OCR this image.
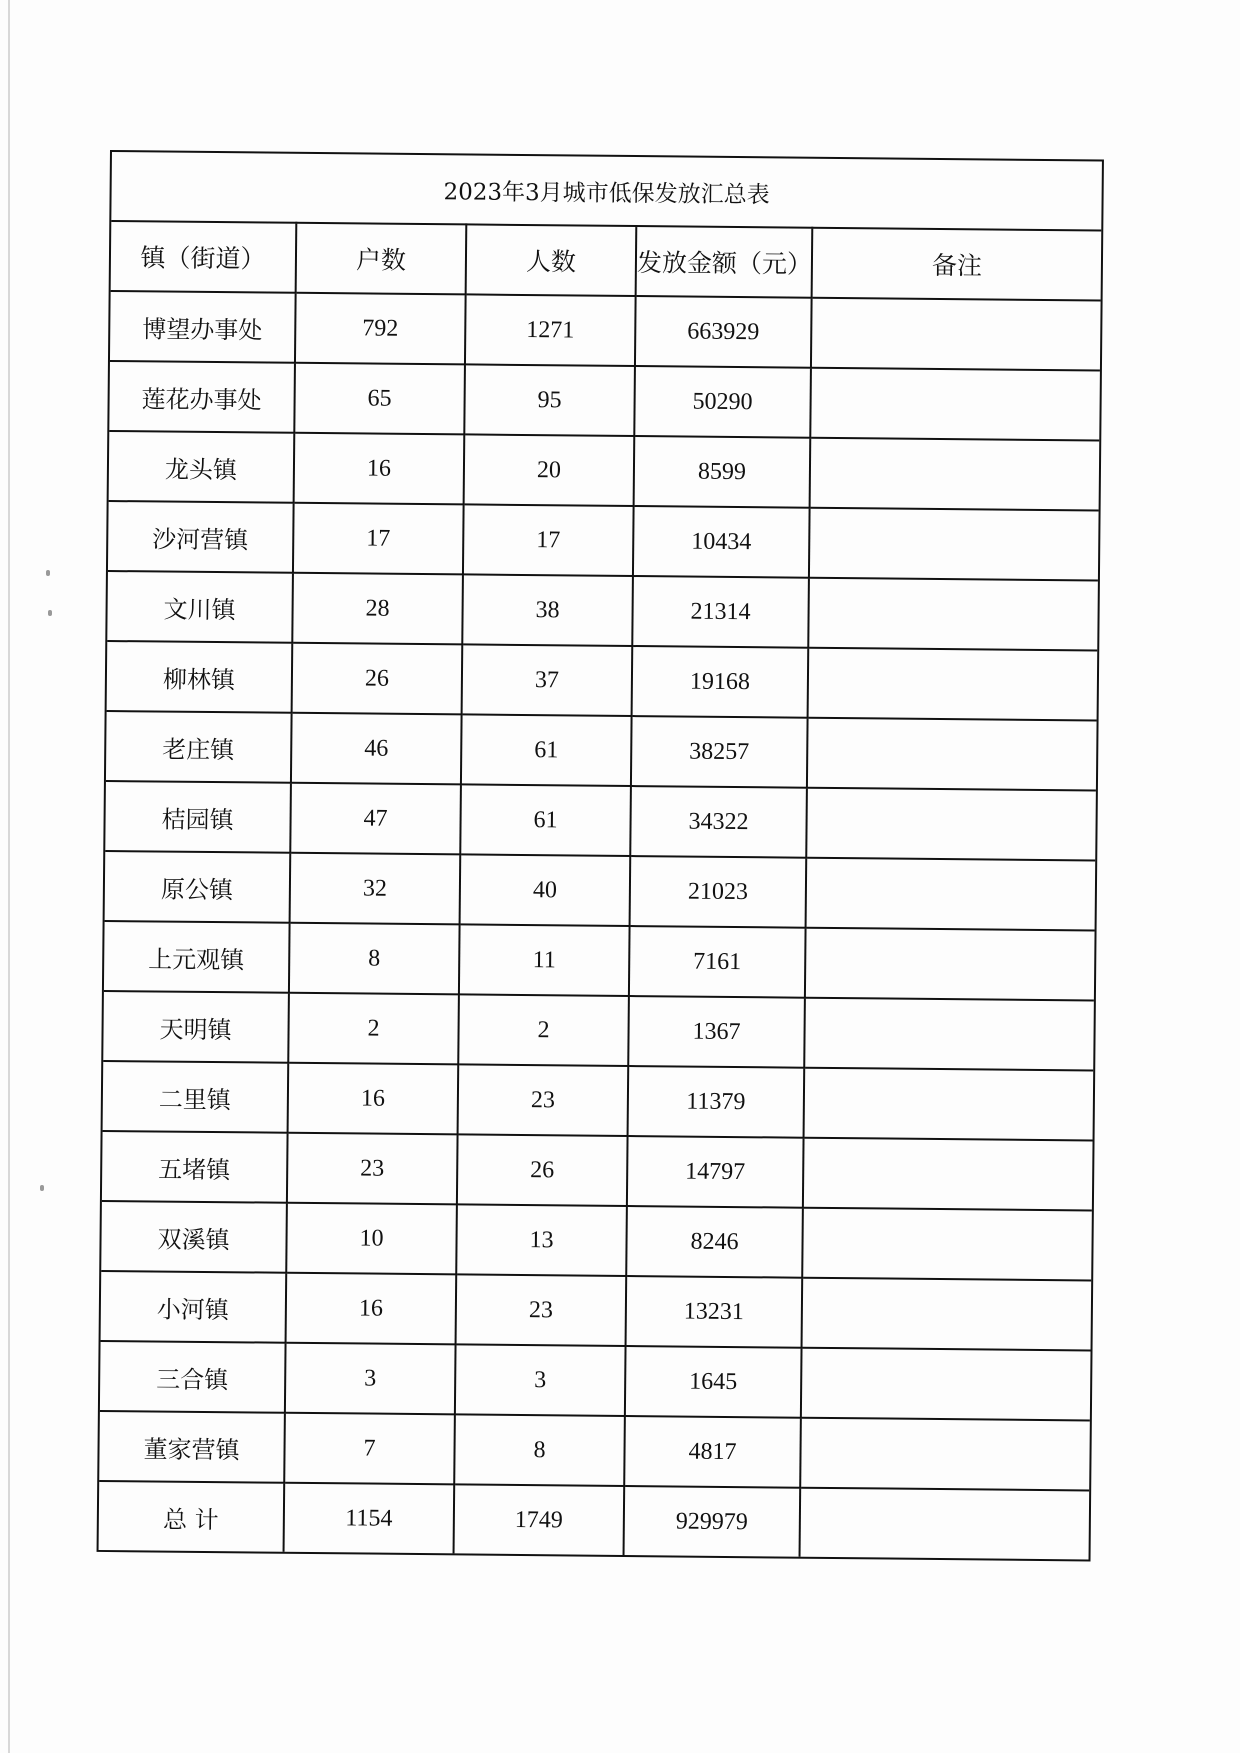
2023年3月城市低保发放汇总表				
镇（街道）	户数	人数	发放金额（元）	备注
博望办事处	792	1271	663929	
莲花办事处	65	95	50290	
龙头镇	16	20	8599	
沙河营镇	17	17	10434	
文川镇	28	38	21314	
柳林镇	26	37	19168	
老庄镇	46	61	38257	
桔园镇	47	61	34322	
原公镇	32	40	21023	
上元观镇	8	11	7161	
天明镇	2	2	1367	
二里镇	16	23	11379	
五堵镇	23	26	14797	
双溪镇	10	13	8246	
小河镇	16	23	13231	
三合镇	3	3	1645	
董家营镇	7	8	4817	
总 计	1154	1749	929979	
